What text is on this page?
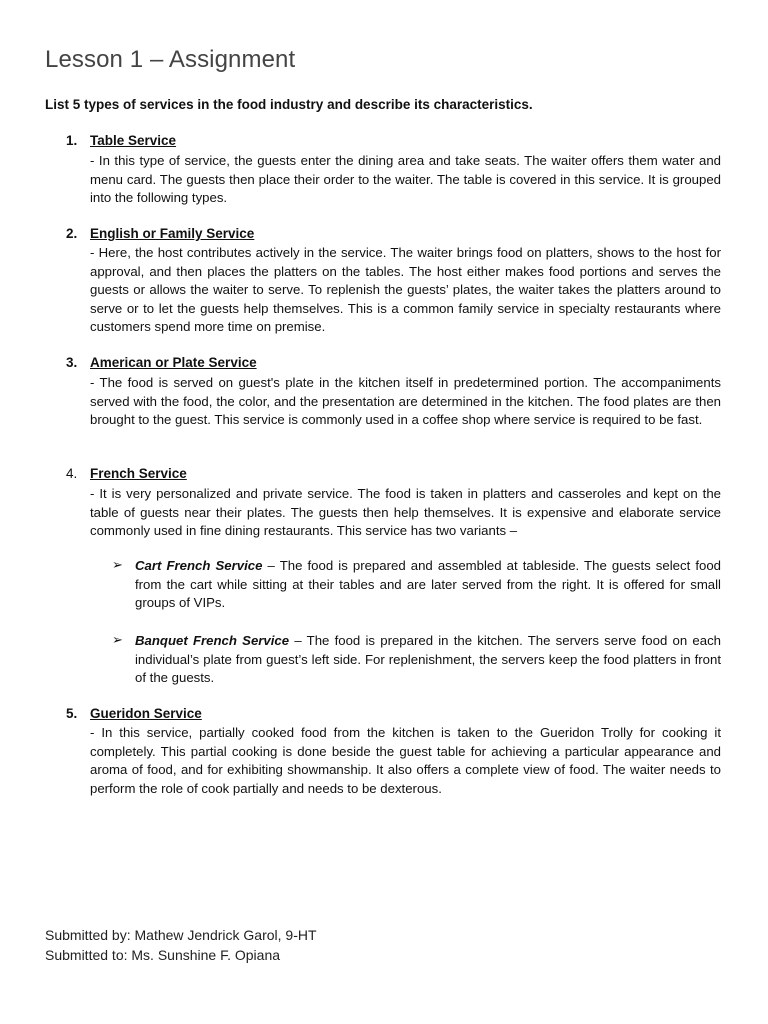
Lesson 1 – Assignment
List 5 types of services in the food industry and describe its characteristics.
1. Table Service
- In this type of service, the guests enter the dining area and take seats. The waiter offers them water and menu card. The guests then place their order to the waiter. The table is covered in this service. It is grouped into the following types.
2. English or Family Service
- Here, the host contributes actively in the service. The waiter brings food on platters, shows to the host for approval, and then places the platters on the tables. The host either makes food portions and serves the guests or allows the waiter to serve. To replenish the guests’ plates, the waiter takes the platters around to serve or to let the guests help themselves. This is a common family service in specialty restaurants where customers spend more time on premise.
3. American or Plate Service
- The food is served on guest's plate in the kitchen itself in predetermined portion. The accompaniments served with the food, the color, and the presentation are determined in the kitchen. The food plates are then brought to the guest. This service is commonly used in a coffee shop where service is required to be fast.
4. French Service
- It is very personalized and private service. The food is taken in platters and casseroles and kept on the table of guests near their plates. The guests then help themselves. It is expensive and elaborate service commonly used in fine dining restaurants. This service has two variants –
➢ Cart French Service – The food is prepared and assembled at tableside. The guests select food from the cart while sitting at their tables and are later served from the right. It is offered for small groups of VIPs.
➢ Banquet French Service – The food is prepared in the kitchen. The servers serve food on each individual’s plate from guest’s left side. For replenishment, the servers keep the food platters in front of the guests.
5. Gueridon Service
- In this service, partially cooked food from the kitchen is taken to the Gueridon Trolly for cooking it completely. This partial cooking is done beside the guest table for achieving a particular appearance and aroma of food, and for exhibiting showmanship. It also offers a complete view of food. The waiter needs to perform the role of cook partially and needs to be dexterous.
Submitted by: Mathew Jendrick Garol, 9-HT
Submitted to: Ms. Sunshine F. Opiana
